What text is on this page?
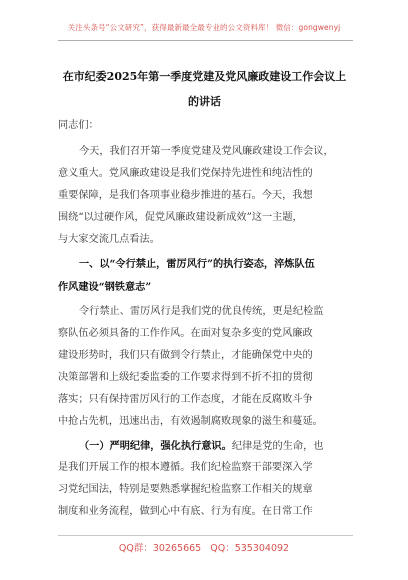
关注头条号“公文研究”，获得最新最全最专业的公文资料库！ 微信：gongwenyj
在市纪委2025年第一季度党建及党风廉政建设工作会议上
的讲话
同志们：
今天，我们召开第一季度党建及党风廉政建设工作会议，
意义重大。党风廉政建设是我们党保持先进性和纯洁性的
重要保障，是我们各项事业稳步推进的基石。今天，我想
围绕“以过硬作风，促党风廉政建设新成效”这一主题，
与大家交流几点看法。
一、以“令行禁止，雷厉风行”的执行姿态，淬炼队伍
作风建设“钢铁意志”
令行禁止、雷厉风行是我们党的优良传统，更是纪检监
察队伍必须具备的工作作风。在面对复杂多变的党风廉政
建设形势时，我们只有做到令行禁止，才能确保党中央的
决策部署和上级纪委监委的工作要求得到不折不扣的贯彻
落实；只有保持雷厉风行的工作态度，才能在反腐败斗争
中抢占先机，迅速出击，有效遏制腐败现象的滋生和蔓延。
（一）严明纪律，强化执行意识。纪律是党的生命，也
是我们开展工作的根本遵循。我们纪检监察干部要深入学
习党纪国法，特别是要熟悉掌握纪检监察工作相关的规章
制度和业务流程，做到心中有底、行为有度。在日常工作
QQ群：30265665 QQ：535304092
